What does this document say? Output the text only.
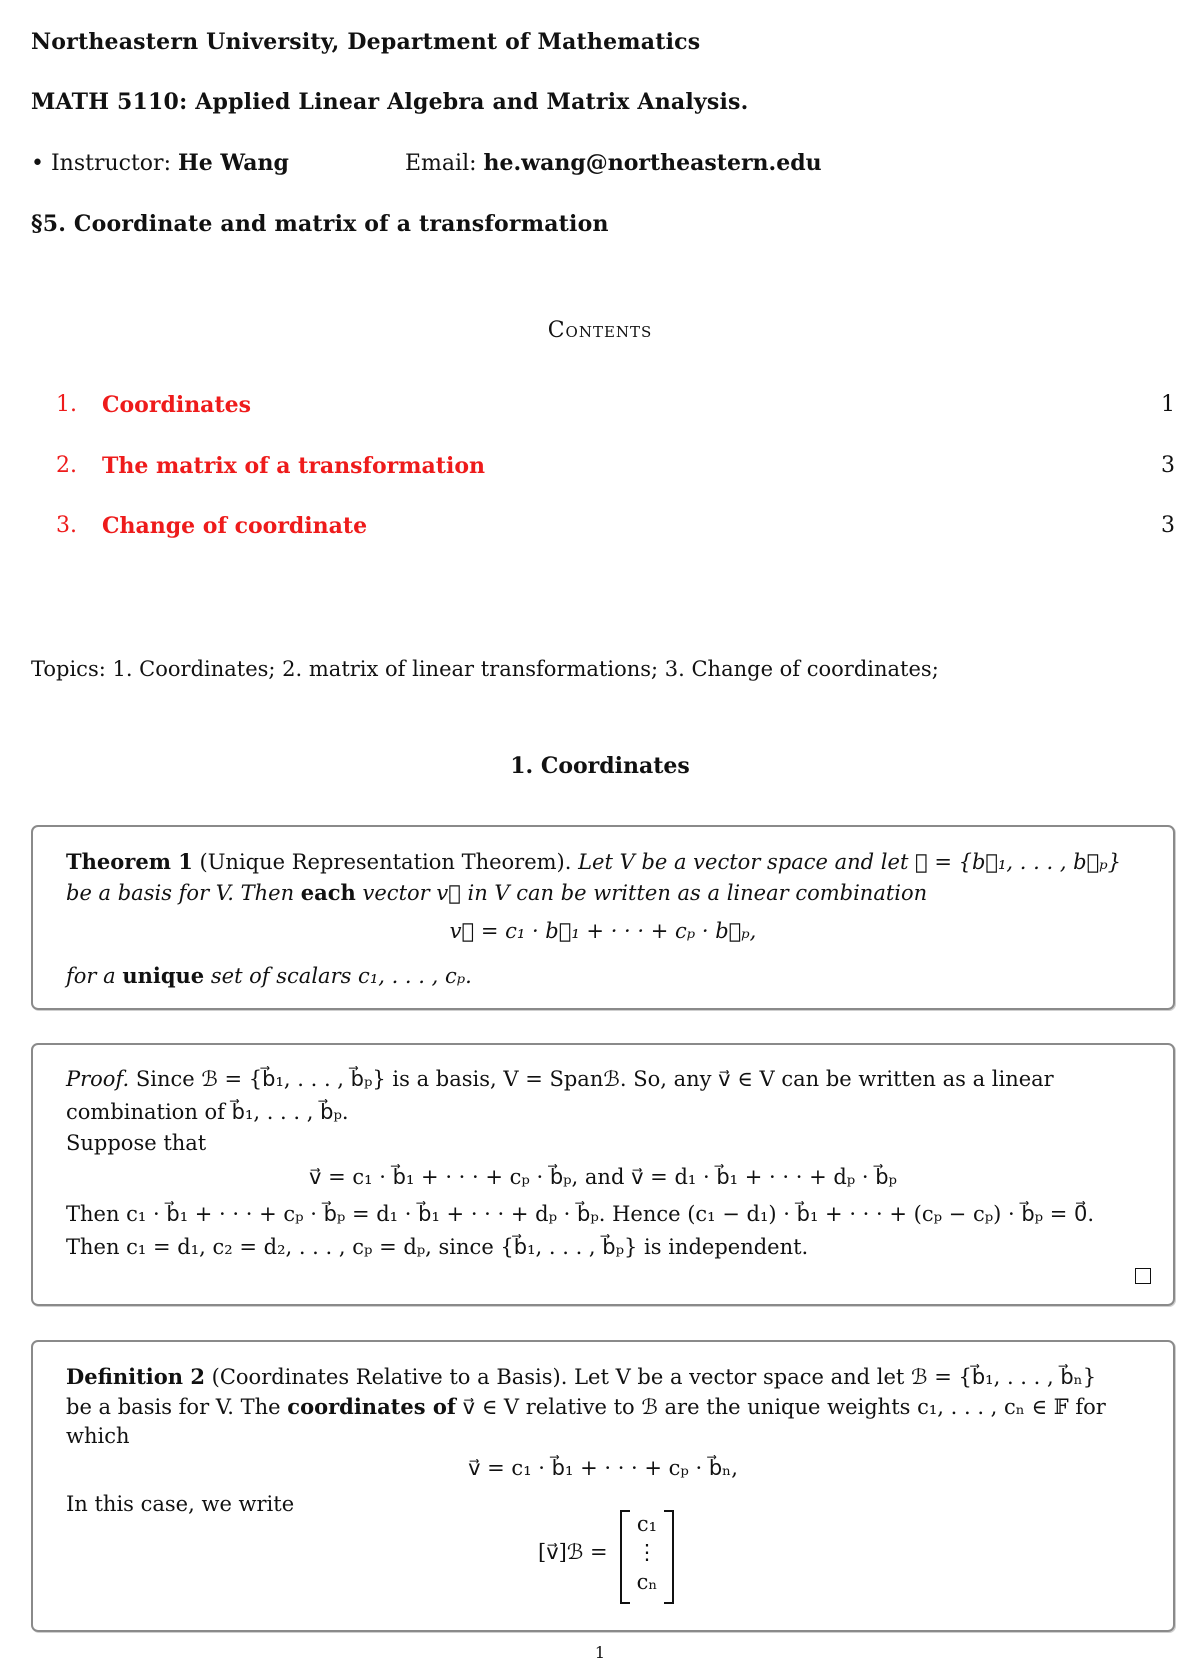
Northeastern University, Department of Mathematics
MATH 5110: Applied Linear Algebra and Matrix Analysis.
• Instructor: He Wang	Email: he.wang@northeastern.edu
§5. Coordinate and matrix of a transformation
Contents
1. Coordinates	1
2. The matrix of a transformation	3
3. Change of coordinate	3
Topics: 1. Coordinates; 2. matrix of linear transformations; 3. Change of coordinates;
1. Coordinates
Theorem 1 (Unique Representation Theorem). Let V be a vector space and let ℬ = {b⃗₁, . . . , b⃗ₚ}
be a basis for V. Then each vector v⃗ in V can be written as a linear combination
v⃗ = c₁ · b⃗₁ + · · · + cₚ · b⃗ₚ,
for a unique set of scalars c₁, . . . , cₚ.
Proof. Since ℬ = {b⃗₁, . . . , b⃗ₚ} is a basis, V = Spanℬ. So, any v⃗ ∈ V can be written as a linear
combination of b⃗₁, . . . , b⃗ₚ.
Suppose that
v⃗ = c₁ · b⃗₁ + · · · + cₚ · b⃗ₚ, and v⃗ = d₁ · b⃗₁ + · · · + dₚ · b⃗ₚ
Then c₁ · b⃗₁ + · · · + cₚ · b⃗ₚ = d₁ · b⃗₁ + · · · + dₚ · b⃗ₚ. Hence (c₁ − d₁) · b⃗₁ + · · · + (cₚ − cₚ) · b⃗ₚ = 0⃗.
Then c₁ = d₁, c₂ = d₂, . . . , cₚ = dₚ, since {b⃗₁, . . . , b⃗ₚ} is independent.
Definition 2 (Coordinates Relative to a Basis). Let V be a vector space and let ℬ = {b⃗₁, . . . , b⃗ₙ}
be a basis for V. The coordinates of v⃗ ∈ V relative to ℬ are the unique weights c₁, . . . , cₙ ∈ 𝔽 for
which
v⃗ = c₁ · b⃗₁ + · · · + cₚ · b⃗ₙ,
In this case, we write
[v⃗]ℬ =
c₁
⋮
cₙ
1
